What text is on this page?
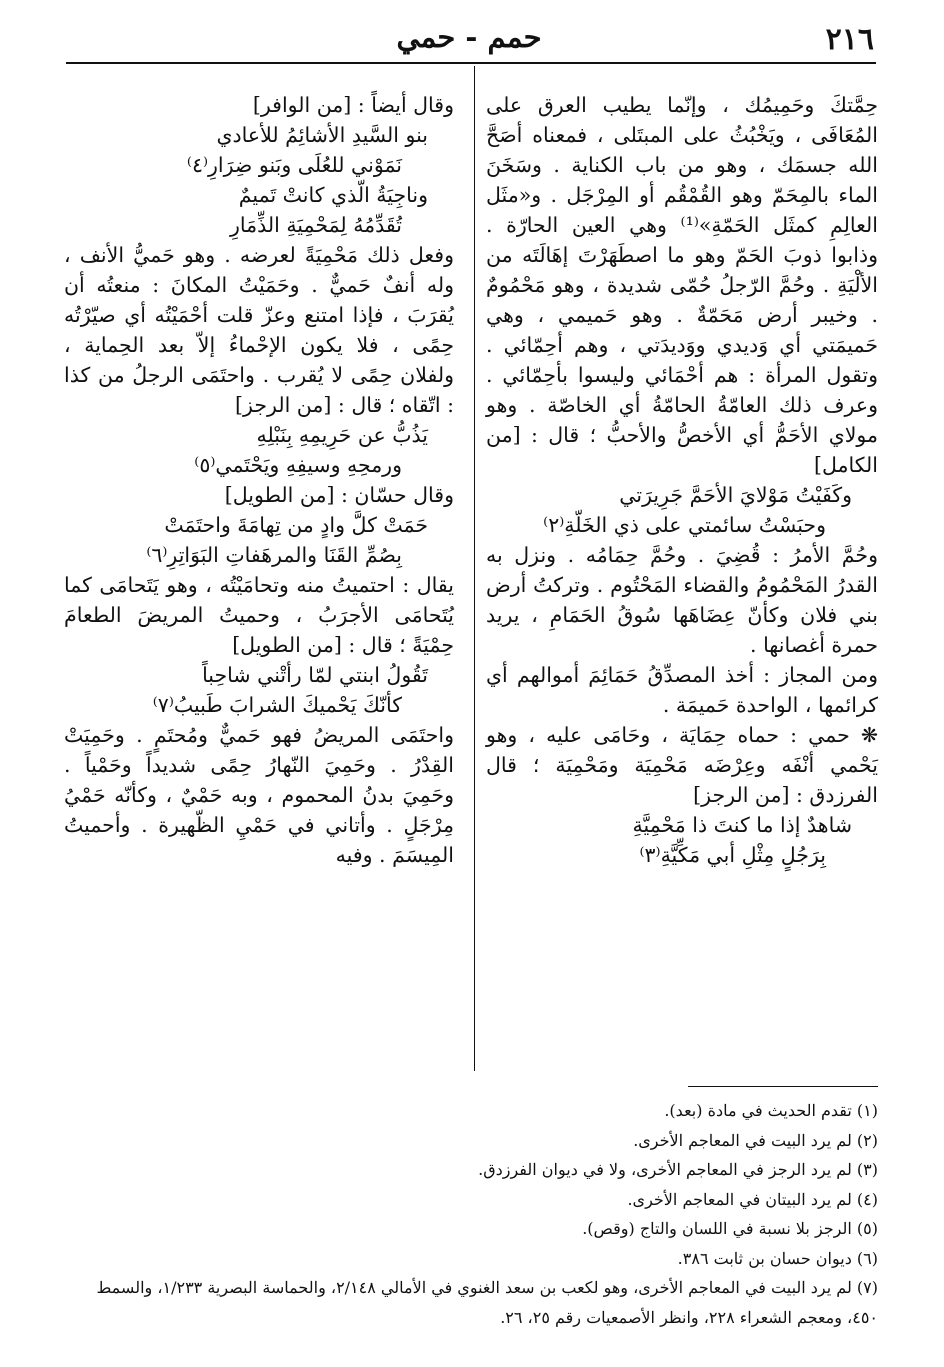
٢١٦
حمم - حمي

حِمَّتكَ وحَمِيمُك ، وإنّما يطيب العرق على المُعَافَى ، ويَخْبُثُ على المبتَلى ، فمعناه أصَحَّ الله جسمَك ، وهو من باب الكناية . وسَخَنَ الماء بالمِحَمّ وهو القُمْقُم أو المِرْجَل . و«مثَل العالِمِ كمثَل الحَمّةِ»⁽¹⁾ وهي العين الحارّة . وذابوا ذوبَ الحَمّ وهو ما اصطَهَرْتَ إهَالَتَه من الألْيَةِ . وحُمَّ الرّجلُ حُمّى شديدة ، وهو مَحْمُومٌ . وخيبر أرض مَحَمّةٌ . وهو حَميمي ، وهي حَميمَتي أي وَديدي ووَديدَتي ، وهم أحِمّائي . وتقول المرأة : هم أحْمَائي وليسوا بأحِمّائي . وعرف ذلك العامّةُ الحامّةُ أي الخاصّة . وهو مولاي الأحَمُّ أي الأخصُّ والأحبُّ ؛ قال : [من الكامل]

وكَفَيْتُ مَوْلايَ الأحَمَّ جَرِيرَتي

وحبَسْتُ سائمتي على ذي الخَلّةِ⁽٢⁾

وحُمَّ الأمرُ : قُضِيَ . وحُمَّ حِمَامُه . ونزل به القدرُ المَحْمُومُ والقضاء المَحْتُوم . وتركتُ أرض بني فلان وكأنّ عِضَاهَها سُوقُ الحَمَامِ ، يريد حمرة أغصانها .

ومن المجاز : أخذ المصدِّقُ حَمَائِمَ أموالهم أي كرائمها ، الواحدة حَميمَة .

❋ حمي : حماه حِمَايَة ، وحَامَى عليه ، وهو يَحْمي أنْفَه وعِرْضَه مَحْمِيَة ومَحْمِيَة ؛ قال الفرزدق : [من الرجز]

شاهدٌ إذا ما كنتَ ذا مَحْمِيَّةِ

بِرَجُلٍ مِثْلِ أبي مَكِّيَّةِ⁽٣⁾

وقال أيضاً : [من الوافر]

بنو السَّيدِ الأشائِمُ للأعادي

نَمَوْني للعُلَى وبَنو ضِرَارِ⁽٤⁾

وناجِيَةُ الّذي كانتْ تَميمٌ

تُقَدِّمُهُ لِمَحْمِيَةِ الذِّمَارِ

وفعل ذلك مَحْمِيَةً لعرضه . وهو حَميُّ الأنف ، وله أنفٌ حَميٌّ . وحَمَيْتُ المكانَ : منعتُه أن يُقرَبَ ، فإذا امتنع وعزّ قلت أحْمَيْتُه أي صيّرْتُه حِمًى ، فلا يكون الإحْماءُ إلاّ بعد الحِماية ، ولفلان حِمًى لا يُقرب . واحتَمَى الرجلُ من كذا : اتّقاه ؛ قال : [من الرجز]

يَذُبُّ عن حَرِيمِهِ بِنَبْلِهِ

ورمحِهِ وسيفِهِ ويَحْتَمي⁽٥⁾

وقال حسّان : [من الطويل]

حَمَتْ كلَّ وادٍ من تِهامَةَ واحتَمَتْ

بِصُمِّ القَنَا والمرهَفاتِ البَوَاتِرِ⁽٦⁾

يقال : احتميتُ منه وتحامَيْتُه ، وهو يَتَحامَى كما يُتَحامَى الأجرَبُ ، وحميتُ المريضَ الطعامَ حِمْيَةً ؛ قال : [من الطويل]

تَقُولُ ابنتي لمّا رأتْني شاحِباً

كأنّكَ يَحْميكَ الشرابَ طَبيبُ⁽٧⁾

واحتَمَى المريضُ فهو حَميٌّ ومُحتَمٍ . وحَمِيَتْ القِدْرُ . وحَمِيَ النّهارُ حِمًى شديداً وحَمْياً . وحَمِيَ بدنُ المحموم ، وبه حَمْيٌ ، وكأنّه حَمْيُ مِرْجَلٍ . وأتاني في حَمْيِ الظّهيرة . وأحميتُ المِيسَمَ . وفيه

(١) تقدم الحديث في مادة (بعد).

(٢) لم يرد البيت في المعاجم الأخرى.

(٣) لم يرد الرجز في المعاجم الأخرى، ولا في ديوان الفرزدق.

(٤) لم يرد البيتان في المعاجم الأخرى.

(٥) الرجز بلا نسبة في اللسان والتاج (وقص).

(٦) ديوان حسان بن ثابت ٣٨٦.

(٧) لم يرد البيت في المعاجم الأخرى، وهو لكعب بن سعد الغنوي في الأمالي ٢/١٤٨، والحماسة البصرية ١/٢٣٣، والسمط ٤٥٠، ومعجم الشعراء ٢٢٨، وانظر الأصمعيات رقم ٢٥، ٢٦.
